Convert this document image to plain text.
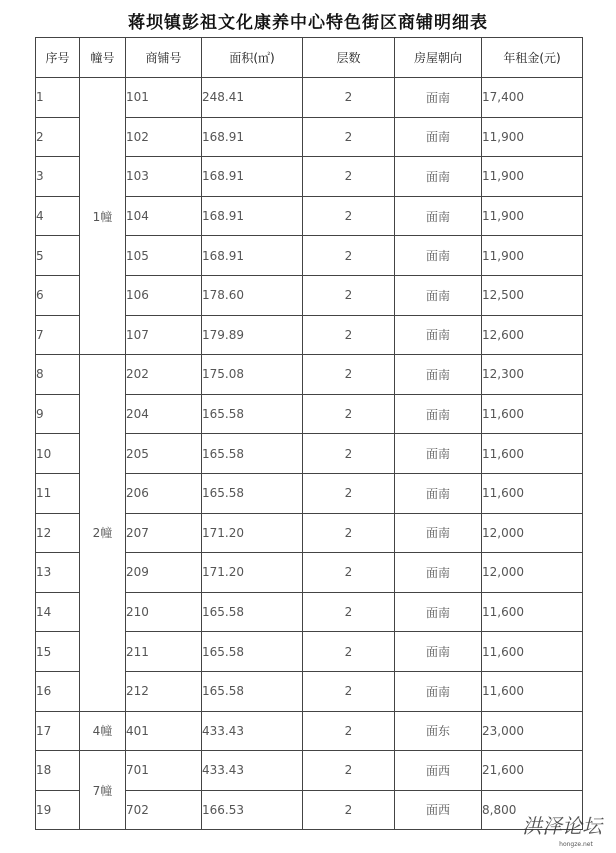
蒋坝镇彭祖文化康养中心特色街区商铺明细表
序号	幢号	商铺号	面积(㎡)	层数	房屋朝向	年租金(元)
1	1幢	101	248.41	2	面南	17,400
2		102	168.91	2	面南	11,900
3		103	168.91	2	面南	11,900
4		104	168.91	2	面南	11,900
5		105	168.91	2	面南	11,900
6		106	178.60	2	面南	12,500
7		107	179.89	2	面南	12,600
8	2幢	202	175.08	2	面南	12,300
9		204	165.58	2	面南	11,600
10		205	165.58	2	面南	11,600
11		206	165.58	2	面南	11,600
12		207	171.20	2	面南	12,000
13		209	171.20	2	面南	12,000
14		210	165.58	2	面南	11,600
15		211	165.58	2	面南	11,600
16		212	165.58	2	面南	11,600
17	4幢	401	433.43	2	面东	23,000
18	7幢	701	433.43	2	面西	21,600
19		702	166.53	2	面西	8,800
洪泽论坛
hongze.net
